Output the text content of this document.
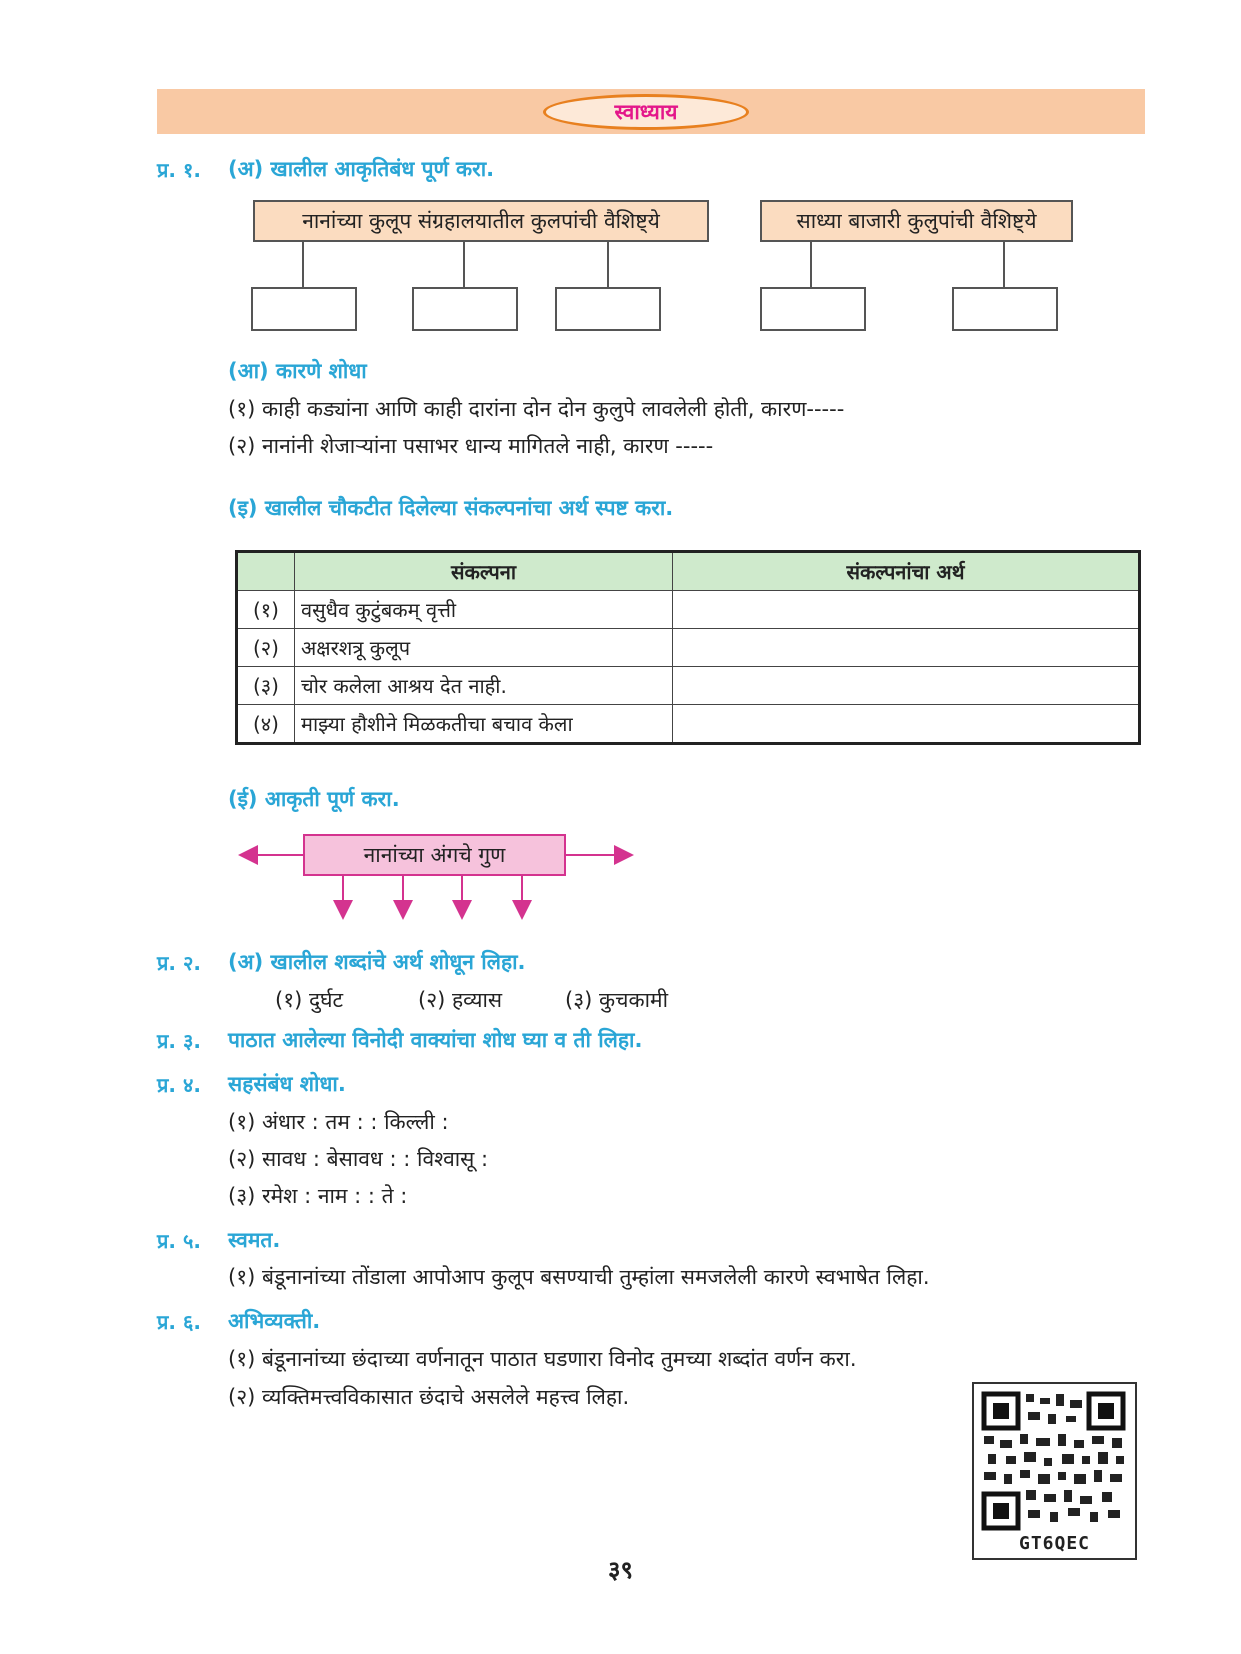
स्वाध्याय
प्र. १. (अ) खालील आकृतिबंध पूर्ण करा.
नानांच्या कुलूप संग्रहालयातील कुलपांची वैशिष्ट्ये	साध्या बाजारी कुलुपांची वैशिष्ट्ये
(आ) कारणे शोधा
(१) काही कड्यांना आणि काही दारांना दोन दोन कुलुपे लावलेली होती, कारण-----
(२) नानांनी शेजाऱ्यांना पसाभर धान्य मागितले नाही, कारण -----
(इ) खालील चौकटीत दिलेल्या संकल्पनांचा अर्थ स्पष्ट करा.
	संकल्पना	संकल्पनांचा अर्थ
(१)	वसुधैव कुटुंबकम् वृत्ती	
(२)	अक्षरशत्रू कुलूप	
(३)	चोर कलेला आश्रय देत नाही.	
(४)	माझ्या हौशीने मिळकतीचा बचाव केला	
(ई) आकृती पूर्ण करा.
नानांच्या अंगचे गुण
प्र. २. (अ) खालील शब्दांचे अर्थ शोधून लिहा.
(१) दुर्घट	(२) हव्यास	(३) कुचकामी
प्र. ३. पाठात आलेल्या विनोदी वाक्यांचा शोध घ्या व ती लिहा.
प्र. ४. सहसंबंध शोधा.
(१) अंधार : तम : : किल्ली :
(२) सावध : बेसावध : : विश्वासू :
(३) रमेश : नाम : : ते :
प्र. ५. स्वमत.
(१) बंडूनानांच्या तोंडाला आपोआप कुलूप बसण्याची तुम्हांला समजलेली कारणे स्वभाषेत लिहा.
प्र. ६. अभिव्यक्ती.
(१) बंडूनानांच्या छंदाच्या वर्णनातून पाठात घडणारा विनोद तुमच्या शब्दांत वर्णन करा.
(२) व्यक्तिमत्त्वविकासात छंदाचे असलेले महत्त्व लिहा.
GT6QEC
३९
